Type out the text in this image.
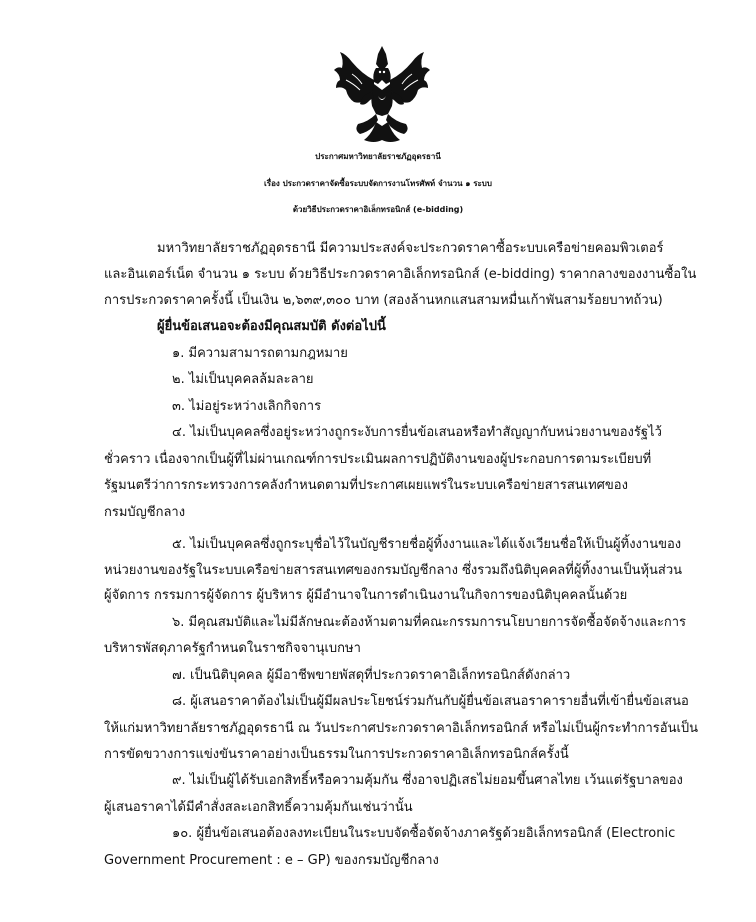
ประกาศมหาวิทยาลัยราชภัฏอุดรธานี
เรื่อง ประกวดราคาจัดซื้อระบบจัดการงานโทรศัพท์ จำนวน ๑ ระบบ
ด้วยวิธีประกวดราคาอิเล็กทรอนิกส์ (e-bidding)
มหาวิทยาลัยราชภัฏอุดรธานี มีความประสงค์จะประกวดราคาซื้อระบบเครือข่ายคอมพิวเตอร์
และอินเตอร์เน็ต จำนวน ๑ ระบบ ด้วยวิธีประกวดราคาอิเล็กทรอนิกส์ (e-bidding) ราคากลางของงานซื้อใน
การประกวดราคาครั้งนี้ เป็นเงิน ๒,๖๓๙,๓๐๐ บาท (สองล้านหกแสนสามหมื่นเก้าพันสามร้อยบาทถ้วน)
ผู้ยื่นข้อเสนอจะต้องมีคุณสมบัติ ดังต่อไปนี้
๑. มีความสามารถตามกฎหมาย
๒. ไม่เป็นบุคคลล้มละลาย
๓. ไม่อยู่ระหว่างเลิกกิจการ
๔. ไม่เป็นบุคคลซึ่งอยู่ระหว่างถูกระงับการยื่นข้อเสนอหรือทำสัญญากับหน่วยงานของรัฐไว้
ชั่วคราว เนื่องจากเป็นผู้ที่ไม่ผ่านเกณฑ์การประเมินผลการปฏิบัติงานของผู้ประกอบการตามระเบียบที่
รัฐมนตรีว่าการกระทรวงการคลังกำหนดตามที่ประกาศเผยแพร่ในระบบเครือข่ายสารสนเทศของ
กรมบัญชีกลาง
๕. ไม่เป็นบุคคลซึ่งถูกระบุชื่อไว้ในบัญชีรายชื่อผู้ทิ้งงานและได้แจ้งเวียนชื่อให้เป็นผู้ทิ้งงานของ
หน่วยงานของรัฐในระบบเครือข่ายสารสนเทศของกรมบัญชีกลาง ซึ่งรวมถึงนิติบุคคลที่ผู้ทิ้งงานเป็นหุ้นส่วน
ผู้จัดการ กรรมการผู้จัดการ ผู้บริหาร ผู้มีอำนาจในการดำเนินงานในกิจการของนิติบุคคลนั้นด้วย
๖. มีคุณสมบัติและไม่มีลักษณะต้องห้ามตามที่คณะกรรมการนโยบายการจัดซื้อจัดจ้างและการ
บริหารพัสดุภาครัฐกำหนดในราชกิจจานุเบกษา
๗. เป็นนิติบุคคล ผู้มีอาชีพขายพัสดุที่ประกวดราคาอิเล็กทรอนิกส์ดังกล่าว
๘. ผู้เสนอราคาต้องไม่เป็นผู้มีผลประโยชน์ร่วมกันกับผู้ยื่นข้อเสนอราคารายอื่นที่เข้ายื่นข้อเสนอ
ให้แก่มหาวิทยาลัยราชภัฏอุดรธานี ณ วันประกาศประกวดราคาอิเล็กทรอนิกส์ หรือไม่เป็นผู้กระทำการอันเป็น
การขัดขวางการแข่งขันราคาอย่างเป็นธรรมในการประกวดราคาอิเล็กทรอนิกส์ครั้งนี้
๙. ไม่เป็นผู้ได้รับเอกสิทธิ์หรือความคุ้มกัน ซึ่งอาจปฏิเสธไม่ยอมขึ้นศาลไทย เว้นแต่รัฐบาลของ
ผู้เสนอราคาได้มีคำสั่งสละเอกสิทธิ์ความคุ้มกันเช่นว่านั้น
๑๐. ผู้ยื่นข้อเสนอต้องลงทะเบียนในระบบจัดซื้อจัดจ้างภาครัฐด้วยอิเล็กทรอนิกส์ (Electronic
Government Procurement : e – GP) ของกรมบัญชีกลาง
